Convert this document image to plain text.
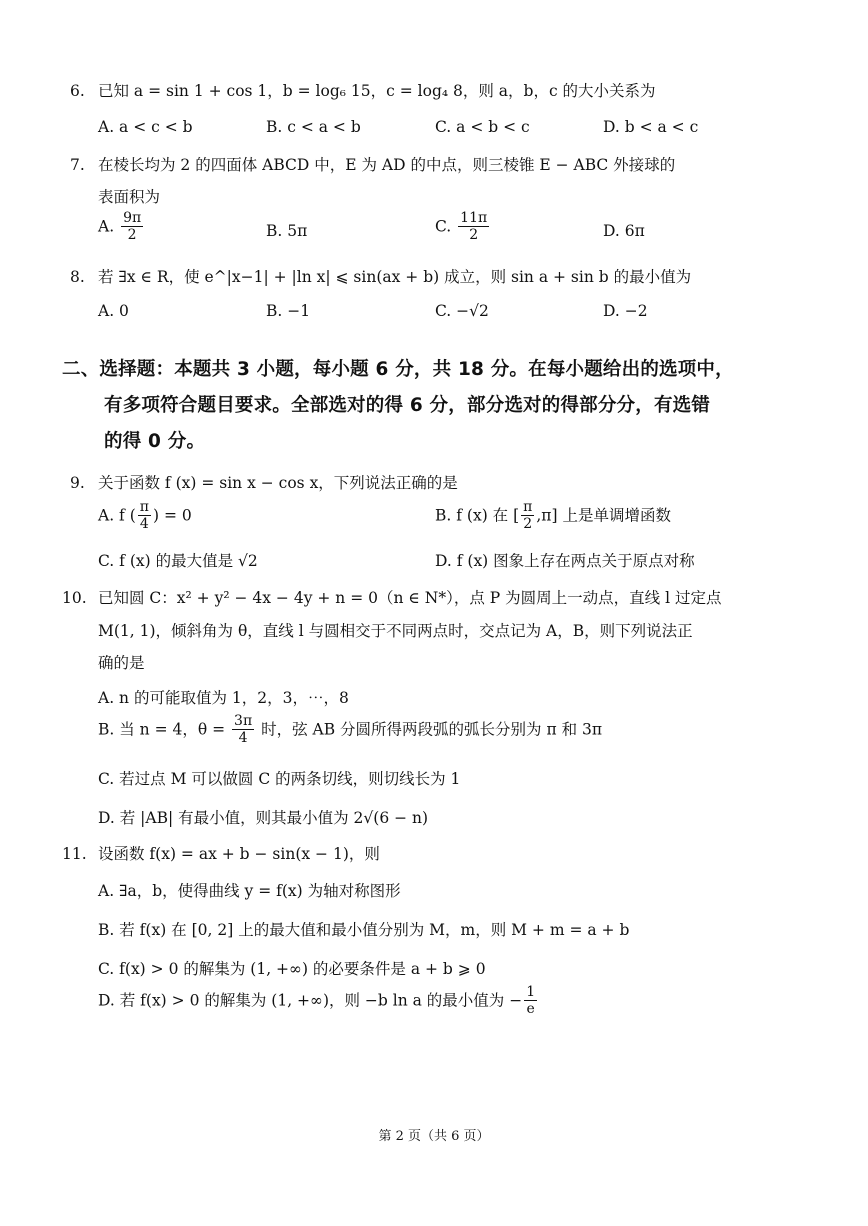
6. 已知 a = sin 1 + cos 1，b = log₆ 15，c = log₄ 8，则 a，b，c 的大小关系为
A. a < c < b	B. c < a < b	C. a < b < c	D. b < a < c
7. 在棱长均为 2 的四面体 ABCD 中，E 为 AD 的中点，则三棱锥 E − ABC 外接球的
表面积为
A. $\frac{9\pi}{2}$	B. 5π	C. $\frac{11\pi}{2}$	D. 6π
8. 若 ∃x ∈ R，使 e^|x−1| + |ln x| ⩽ sin(ax + b) 成立，则 sin a + sin b 的最小值为
A. 0	B. −1	C. −√2	D. −2
二、选择题：本题共 3 小题，每小题 6 分，共 18 分。在每小题给出的选项中，
有多项符合题目要求。全部选对的得 6 分，部分选对的得部分分，有选错
的得 0 分。
9. 关于函数 f (x) = sin x − cos x，下列说法正确的是
A. f ( $\frac{\pi}{4}$ ) = 0	B. f (x) 在 [ $\frac{\pi}{2} ,\pi$] 上是单调增函数
C. f (x) 的最大值是 √2	D. f (x) 图象上存在两点关于原点对称
10. 已知圆 C：x² + y² − 4x − 4y + n = 0（n ∈ N*），点 P 为圆周上一动点，直线 l 过定点
M(1, 1)，倾斜角为 θ，直线 l 与圆相交于不同两点时，交点记为 A，B，则下列说法正
确的是
A. n 的可能取值为 1，2，3，⋯，8
B. 当 n = 4，$\theta = \frac{3\pi}{4}$ 时，弦 AB 分圆所得两段弧的弧长分别为 π 和 3π
C. 若过点 M 可以做圆 C 的两条切线，则切线长为 1
D. 若 |AB| 有最小值，则其最小值为 2√(6 − n)
11. 设函数 f(x) = ax + b − sin(x − 1)，则
A. ∃a，b，使得曲线 y = f(x) 为轴对称图形
B. 若 f(x) 在 [0, 2] 上的最大值和最小值分别为 M，m，则 M + m = a + b
C. f(x) > 0 的解集为 (1, +∞) 的必要条件是 a + b ⩾ 0
D. 若 f(x) > 0 的解集为 (1, +∞)，则 −b ln a 的最小值为 − $\frac{1}{e}$
第 2 页（共 6 页）
